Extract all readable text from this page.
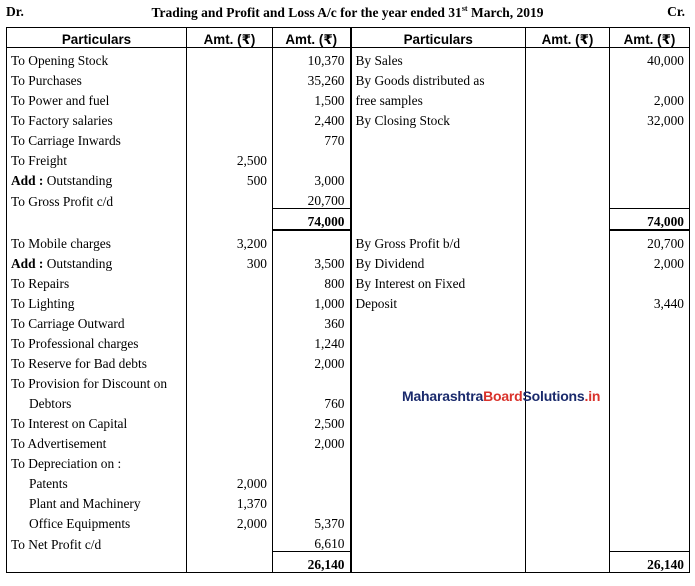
Dr.	Trading and Profit and Loss A/c for the year ended 31st March, 2019	Cr.
Particulars	Amt. (₹)	Amt. (₹)	Particulars	Amt. (₹)	Amt. (₹)
To Opening Stock		10,370	By Sales		40,000
To Purchases		35,260	By Goods distributed as		
To Power and fuel		1,500	free samples		2,000
To Factory salaries		2,400	By Closing Stock		32,000
To Carriage Inwards		770			
To Freight	2,500				
Add : Outstanding	500	3,000			
To Gross Profit c/d		20,700			
		74,000			74,000
To Mobile charges	3,200		By Gross Profit b/d		20,700
Add : Outstanding	300	3,500	By Dividend		2,000
To Repairs		800	By Interest on Fixed		
To Lighting		1,000	Deposit		3,440
To Carriage Outward		360			
To Professional charges		1,240			
To Reserve for Bad debts		2,000			
To Provision for Discount on					
Debtors		760			
To Interest on Capital		2,500			
To Advertisement		2,000			
To Depreciation on :					
Patents	2,000				
Plant and Machinery	1,370				
Office Equipments	2,000	5,370			
To Net Profit c/d		6,610			
		26,140			26,140
MaharashtraBoardSolutions.in
